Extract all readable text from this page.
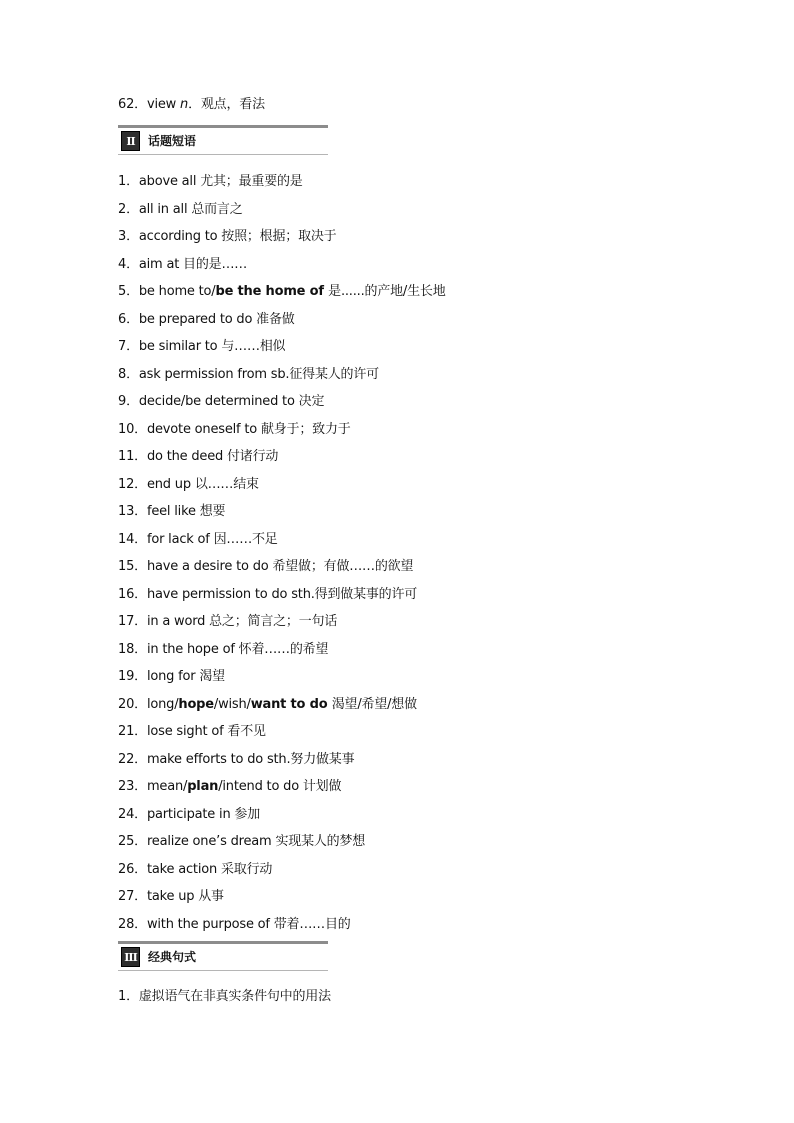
62．view n．观点，看法
II 话题短语
1．above all 尤其；最重要的是
2．all in all 总而言之
3．according to 按照；根据；取决于
4．aim at 目的是……
5．be home to/be the home of 是......的产地/生长地
6．be prepared to do 准备做
7．be similar to 与……相似
8．ask permission from sb.征得某人的许可
9．decide/be determined to 决定
10．devote oneself to 献身于；致力于
11．do the deed 付诸行动
12．end up 以……结束
13．feel like 想要
14．for lack of 因……不足
15．have a desire to do 希望做；有做……的欲望
16．have permission to do sth.得到做某事的许可
17．in a word 总之；简言之；一句话
18．in the hope of 怀着……的希望
19．long for 渴望
20．long/hope/wish/want to do 渴望/希望/想做
21．lose sight of 看不见
22．make efforts to do sth.努力做某事
23．mean/plan/intend to do 计划做
24．participate in 参加
25．realize one’s dream 实现某人的梦想
26．take action 采取行动
27．take up 从事
28．with the purpose of 带着……目的
III 经典句式
1．虚拟语气在非真实条件句中的用法
